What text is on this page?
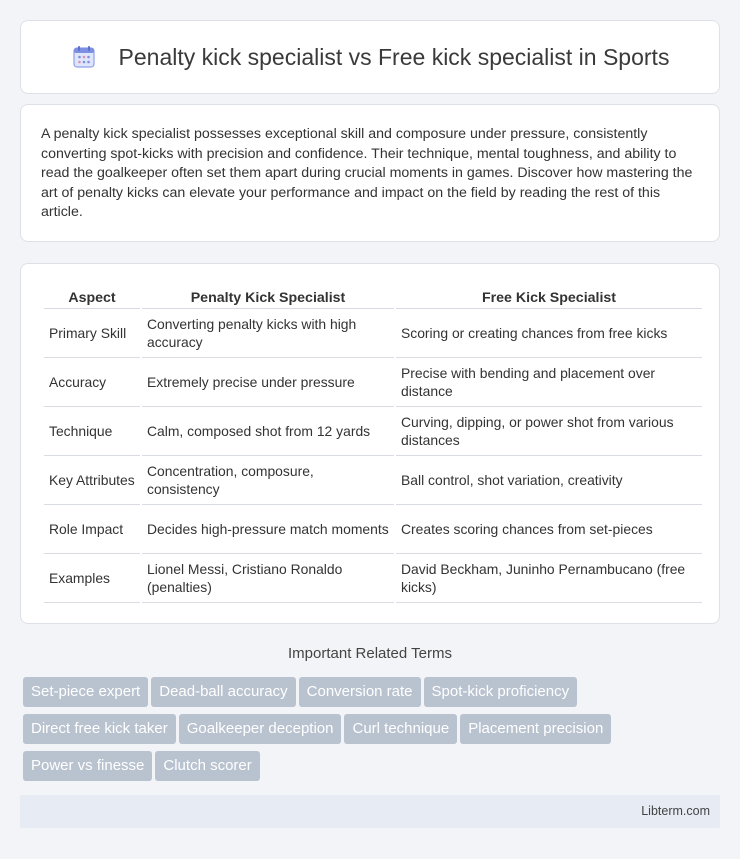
Penalty kick specialist vs Free kick specialist in Sports

A penalty kick specialist possesses exceptional skill and composure under pressure, consistently converting spot-kicks with precision and confidence. Their technique, mental toughness, and ability to read the goalkeeper often set them apart during crucial moments in games. Discover how mastering the art of penalty kicks can elevate your performance and impact on the field by reading the rest of this article.

Aspect	Penalty Kick Specialist	Free Kick Specialist
Primary Skill	Converting penalty kicks with high accuracy	Scoring or creating chances from free kicks
Accuracy	Extremely precise under pressure	Precise with bending and placement over distance
Technique	Calm, composed shot from 12 yards	Curving, dipping, or power shot from various distances
Key Attributes	Concentration, composure, consistency	Ball control, shot variation, creativity
Role Impact	Decides high-pressure match moments	Creates scoring chances from set-pieces
Examples	Lionel Messi, Cristiano Ronaldo (penalties)	David Beckham, Juninho Pernambucano (free kicks)
Important Related Terms
Set-piece expert Dead-ball accuracy Conversion rate Spot-kick proficiency
Direct free kick taker Goalkeeper deception Curl technique Placement precision
Power vs finesse Clutch scorer
Libterm.com
